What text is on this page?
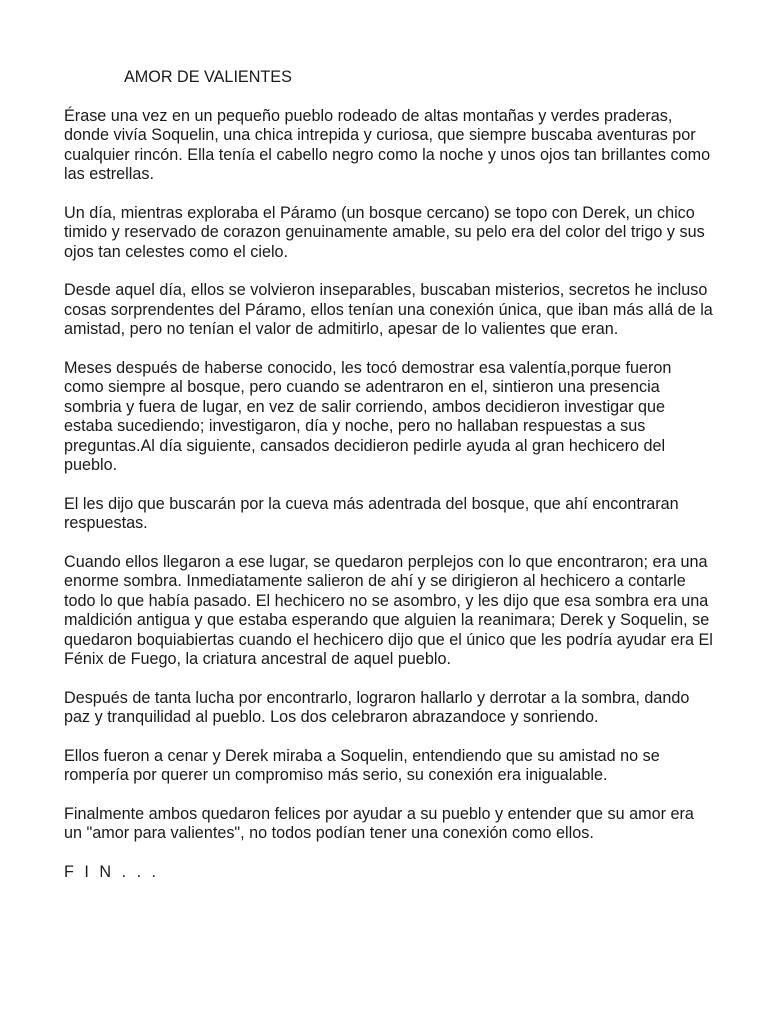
AMOR DE VALIENTES

Érase una vez en un pequeño pueblo rodeado de altas montañas y verdes praderas, donde vivía Soquelin, una chica intrepida y curiosa, que siempre buscaba aventuras por cualquier rincón. Ella tenía el cabello negro como la noche y unos ojos tan brillantes como las estrellas.

Un día, mientras exploraba el Páramo (un bosque cercano) se topo con Derek, un chico timido y reservado de corazon genuinamente amable, su pelo era del color del trigo y sus ojos tan celestes como el cielo.

Desde aquel día, ellos se volvieron inseparables, buscaban misterios, secretos he incluso cosas sorprendentes del Páramo, ellos tenían una conexión única, que iban más allá de la amistad, pero no tenían el valor de admitirlo, apesar de lo valientes que eran.

Meses después de haberse conocido, les tocó demostrar esa valentía,porque fueron como siempre al bosque, pero cuando se adentraron en el, sintieron una presencia sombria y fuera de lugar, en vez de salir corriendo, ambos decidieron investigar que estaba sucediendo; investigaron, día y noche, pero no hallaban respuestas a sus preguntas.Al día siguiente, cansados decidieron pedirle ayuda al gran hechicero del pueblo.

El les dijo que buscarán por la cueva más adentrada del bosque, que ahí encontraran respuestas.

Cuando ellos llegaron a ese lugar, se quedaron perplejos con lo que encontraron; era una enorme sombra. Inmediatamente salieron de ahí y se dirigieron al hechicero a contarle todo lo que había pasado. El hechicero no se asombro, y les dijo que esa sombra era una maldición antigua y que estaba esperando que alguien la reanimara; Derek y Soquelin, se quedaron boquiabiertas cuando el hechicero dijo que el único que les podría ayudar era El Fénix de Fuego, la criatura ancestral de aquel pueblo.

Después de tanta lucha por encontrarlo, lograron hallarlo y derrotar a la sombra, dando paz y tranquilidad al pueblo. Los dos celebraron abrazandoce y sonriendo.

Ellos fueron a cenar y Derek miraba a Soquelin, entendiendo que su amistad no se rompería por querer un compromiso más serio, su conexión era inigualable.

Finalmente ambos quedaron felices por ayudar a su pueblo y entender que su amor era un "amor para valientes", no todos podían tener una conexión como ellos.

F I N . . .
